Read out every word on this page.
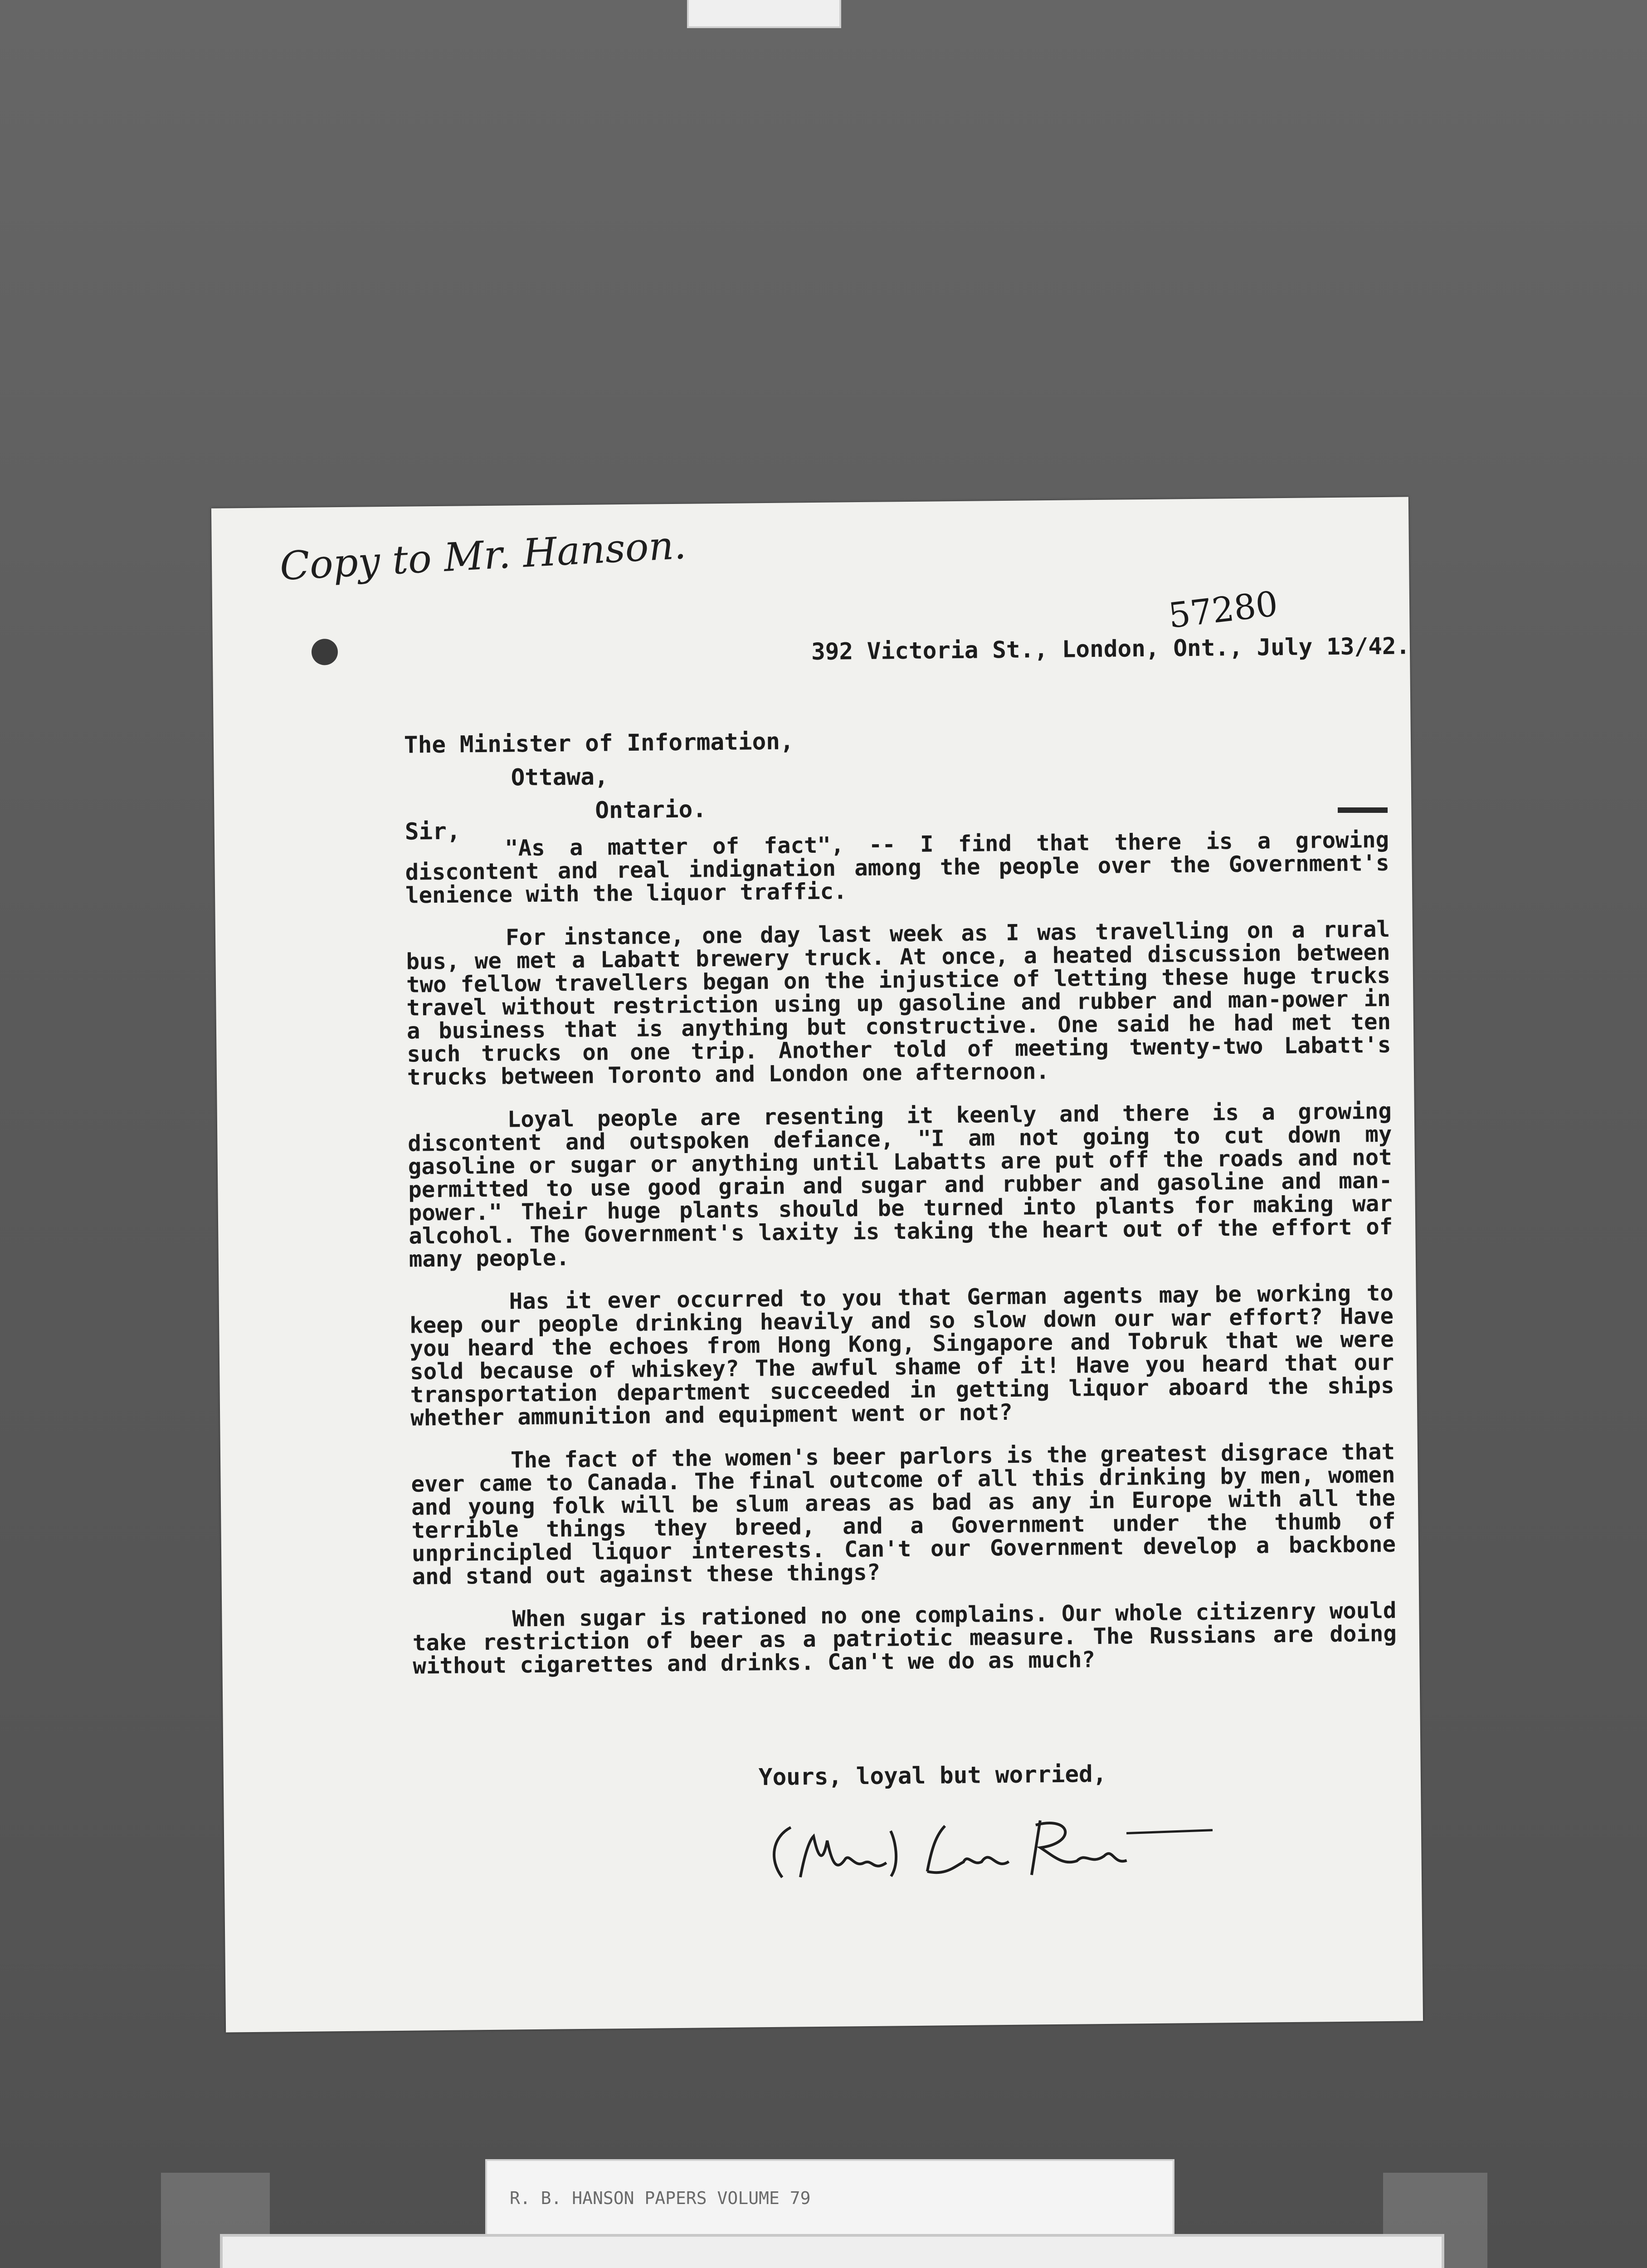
Copy to Mr. Hanson.
57280
392 Victoria St., London, Ont., July 13/42.
The Minister of Information,
Ottawa,
Ontario.
Sir,	"As a matter of fact", -- I find that there is a growing discontent and real indignation among the people over the Government's lenience with the liquor traffic.

For instance, one day last week as I was travelling on a rural bus, we met a Labatt brewery truck. At once, a heated discussion between two fellow travellers began on the injustice of letting these huge trucks travel without restriction using up gasoline and rubber and man-power in a business that is anything but constructive. One said he had met ten such trucks on one trip. Another told of meeting twenty-two Labatt's trucks between Toronto and London one afternoon.

Loyal people are resenting it keenly and there is a growing discontent and outspoken defiance, "I am not going to cut down my gasoline or sugar or anything until Labatts are put off the roads and not permitted to use good grain and sugar and rubber and gasoline and man-power." Their huge plants should be turned into plants for making war alcohol. The Government's laxity is taking the heart out of the effort of many people.

Has it ever occurred to you that German agents may be working to keep our people drinking heavily and so slow down our war effort? Have you heard the echoes from Hong Kong, Singapore and Tobruk that we were sold because of whiskey? The awful shame of it! Have you heard that our transportation department succeeded in getting liquor aboard the ships whether ammunition and equipment went or not?

The fact of the women's beer parlors is the greatest disgrace that ever came to Canada. The final outcome of all this drinking by men, women and young folk will be slum areas as bad as any in Europe with all the terrible things they breed, and a Government under the thumb of unprincipled liquor interests. Can't our Government develop a backbone and stand out against these things?

When sugar is rationed no one complains. Our whole citizenry would take restriction of beer as a patriotic measure. The Russians are doing without cigarettes and drinks. Can't we do as much?

Yours, loyal but worried,
R. B. HANSON PAPERS VOLUME 79
